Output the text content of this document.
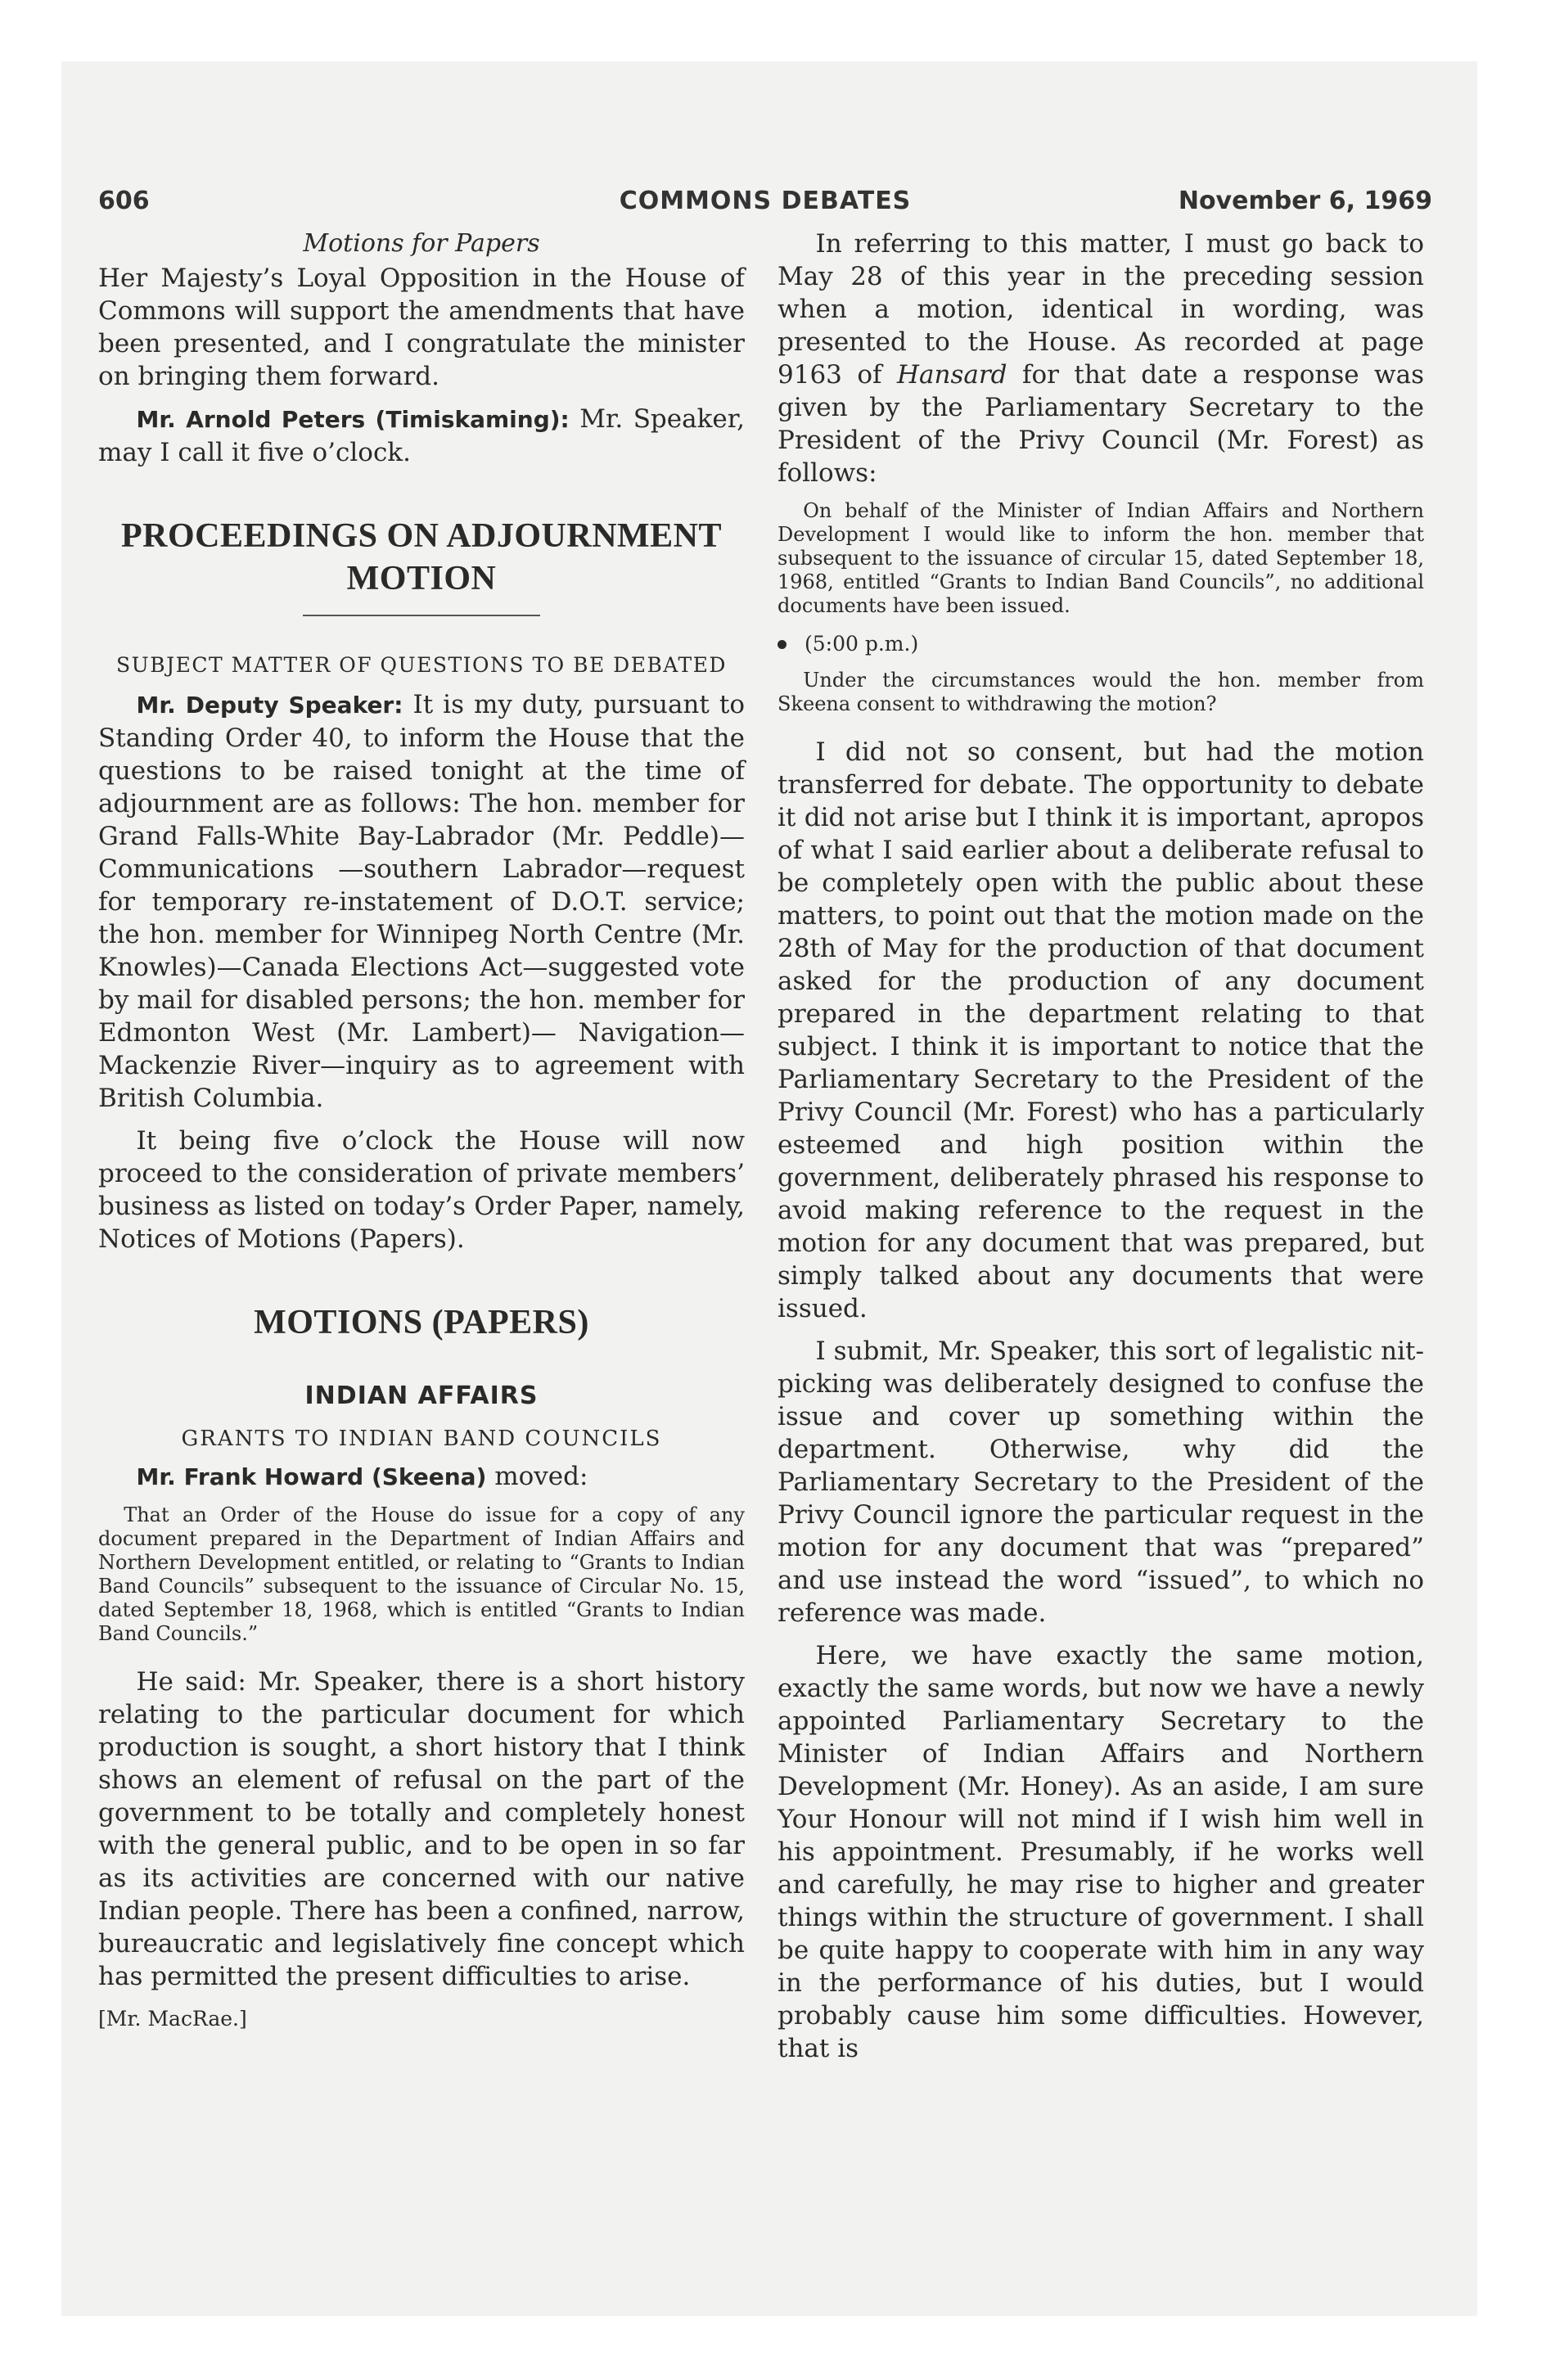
606	COMMONS DEBATES	November 6, 1969

Motions for Papers

Her Majesty’s Loyal Opposition in the House of Commons will support the amendments that have been presented, and I congratulate the minister on bringing them forward.

Mr. Arnold Peters (Timiskaming): Mr. Speaker, may I call it five o’clock.

PROCEEDINGS ON ADJOURNMENT MOTION

SUBJECT MATTER OF QUESTIONS TO BE DEBATED

Mr. Deputy Speaker: It is my duty, pursuant to Standing Order 40, to inform the House that the questions to be raised tonight at the time of adjournment are as follows: The hon. member for Grand Falls-White Bay-Labrador (Mr. Peddle)—Communications —southern Labrador—request for temporary re-instatement of D.O.T. service; the hon. member for Winnipeg North Centre (Mr. Knowles)—Canada Elections Act—suggested vote by mail for disabled persons; the hon. member for Edmonton West (Mr. Lambert)— Navigation—Mackenzie River—inquiry as to agreement with British Columbia.

It being five o’clock the House will now proceed to the consideration of private members’ business as listed on today’s Order Paper, namely, Notices of Motions (Papers).

MOTIONS (PAPERS)

INDIAN AFFAIRS

GRANTS TO INDIAN BAND COUNCILS

Mr. Frank Howard (Skeena) moved:

That an Order of the House do issue for a copy of any document prepared in the Department of Indian Affairs and Northern Development entitled, or relating to “Grants to Indian Band Councils” subsequent to the issuance of Circular No. 15, dated September 18, 1968, which is entitled “Grants to Indian Band Councils.”

He said: Mr. Speaker, there is a short history relating to the particular document for which production is sought, a short history that I think shows an element of refusal on the part of the government to be totally and completely honest with the general public, and to be open in so far as its activities are concerned with our native Indian people. There has been a confined, narrow, bureaucratic and legislatively fine concept which has permitted the present difficulties to arise.

[Mr. MacRae.]

In referring to this matter, I must go back to May 28 of this year in the preceding session when a motion, identical in wording, was presented to the House. As recorded at page 9163 of Hansard for that date a response was given by the Parliamentary Secretary to the President of the Privy Council (Mr. Forest) as follows:

On behalf of the Minister of Indian Affairs and Northern Development I would like to inform the hon. member that subsequent to the issuance of circular 15, dated September 18, 1968, entitled “Grants to Indian Band Councils”, no additional documents have been issued.

(5:00 p.m.)

Under the circumstances would the hon. member from Skeena consent to withdrawing the motion?

I did not so consent, but had the motion transferred for debate. The opportunity to debate it did not arise but I think it is important, apropos of what I said earlier about a deliberate refusal to be completely open with the public about these matters, to point out that the motion made on the 28th of May for the production of that document asked for the production of any document prepared in the department relating to that subject. I think it is important to notice that the Parliamentary Secretary to the President of the Privy Council (Mr. Forest) who has a particularly esteemed and high position within the government, deliberately phrased his response to avoid making reference to the request in the motion for any document that was prepared, but simply talked about any documents that were issued.

I submit, Mr. Speaker, this sort of legalistic nit-picking was deliberately designed to confuse the issue and cover up something within the department. Otherwise, why did the Parliamentary Secretary to the President of the Privy Council ignore the particular request in the motion for any document that was “prepared” and use instead the word “issued”, to which no reference was made.

Here, we have exactly the same motion, exactly the same words, but now we have a newly appointed Parliamentary Secretary to the Minister of Indian Affairs and Northern Development (Mr. Honey). As an aside, I am sure Your Honour will not mind if I wish him well in his appointment. Presumably, if he works well and carefully, he may rise to higher and greater things within the structure of government. I shall be quite happy to cooperate with him in any way in the performance of his duties, but I would probably cause him some difficulties. However, that is
